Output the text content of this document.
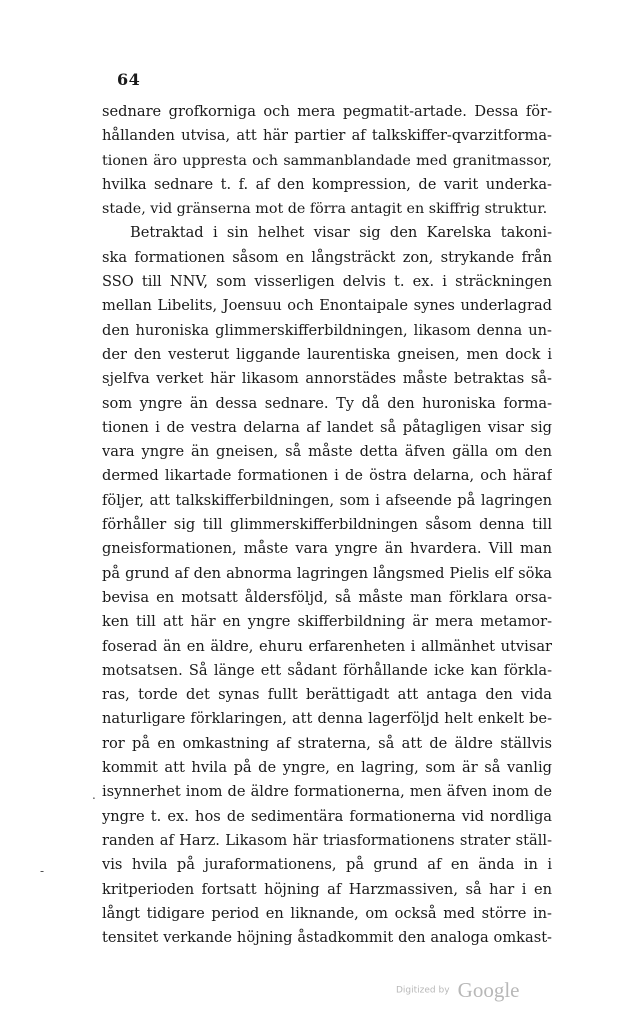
64
sednare grofkorniga och mera pegmatit-artade. Dessa för-
hållanden utvisa, att här partier af talkskiffer-qvarzitforma-
tionen äro uppresta och sammanblandade med granitmassor,
hvilka sednare t. f. af den kompression, de varit underka-
stade, vid gränserna mot de förra antagit en skiffrig struktur.
Betraktad i sin helhet visar sig den Karelska takoni-
ska formationen såsom en långsträckt zon, strykande från
SSO till NNV, som visserligen delvis t. ex. i sträckningen
mellan Libelits, Joensuu och Enontaipale synes underlagrad
den huroniska glimmerskifferbildningen, likasom denna un-
der den vesterut liggande laurentiska gneisen, men dock i
sjelfva verket här likasom annorstädes måste betraktas så-
som yngre än dessa sednare. Ty då den huroniska forma-
tionen i de vestra delarna af landet så påtagligen visar sig
vara yngre än gneisen, så måste detta äfven gälla om den
dermed likartade formationen i de östra delarna, och häraf
följer, att talkskifferbildningen, som i afseende på lagringen
förhåller sig till glimmerskifferbildningen såsom denna till
gneisformationen, måste vara yngre än hvardera. Vill man
på grund af den abnorma lagringen långsmed Pielis elf söka
bevisa en motsatt åldersföljd, så måste man förklara orsa-
ken till att här en yngre skifferbildning är mera metamor-
foserad än en äldre, ehuru erfarenheten i allmänhet utvisar
motsatsen. Så länge ett sådant förhållande icke kan förkla-
ras, torde det synas fullt berättigadt att antaga den vida
naturligare förklaringen, att denna lagerföljd helt enkelt be-
ror på en omkastning af straterna, så att de äldre ställvis
kommit att hvila på de yngre, en lagring, som är så vanlig
isynnerhet inom de äldre formationerna, men äfven inom de
yngre t. ex. hos de sedimentära formationerna vid nordliga
randen af Harz. Likasom här triasformationens strater ställ-
vis hvila på juraformationens, på grund af en ända in i
kritperioden fortsatt höjning af Harzmassiven, så har i en
långt tidigare period en liknande, om också med större in-
tensitet verkande höjning åstadkommit den analoga omkast-
.
-
Digitized by Google
